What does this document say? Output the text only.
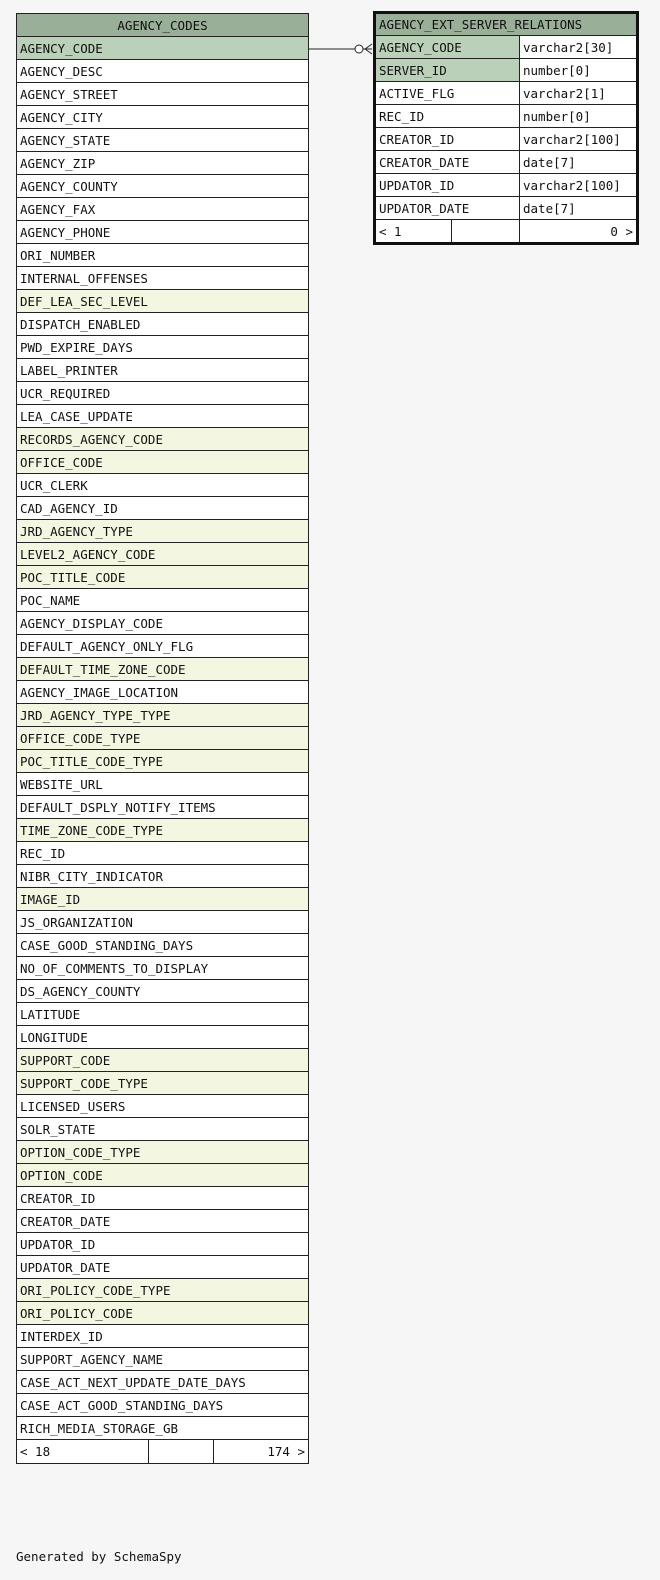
AGENCY_CODES
AGENCY_CODE
AGENCY_DESC
AGENCY_STREET
AGENCY_CITY
AGENCY_STATE
AGENCY_ZIP
AGENCY_COUNTY
AGENCY_FAX
AGENCY_PHONE
ORI_NUMBER
INTERNAL_OFFENSES
DEF_LEA_SEC_LEVEL
DISPATCH_ENABLED
PWD_EXPIRE_DAYS
LABEL_PRINTER
UCR_REQUIRED
LEA_CASE_UPDATE
RECORDS_AGENCY_CODE
OFFICE_CODE
UCR_CLERK
CAD_AGENCY_ID
JRD_AGENCY_TYPE
LEVEL2_AGENCY_CODE
POC_TITLE_CODE
POC_NAME
AGENCY_DISPLAY_CODE
DEFAULT_AGENCY_ONLY_FLG
DEFAULT_TIME_ZONE_CODE
AGENCY_IMAGE_LOCATION
JRD_AGENCY_TYPE_TYPE
OFFICE_CODE_TYPE
POC_TITLE_CODE_TYPE
WEBSITE_URL
DEFAULT_DSPLY_NOTIFY_ITEMS
TIME_ZONE_CODE_TYPE
REC_ID
NIBR_CITY_INDICATOR
IMAGE_ID
JS_ORGANIZATION
CASE_GOOD_STANDING_DAYS
NO_OF_COMMENTS_TO_DISPLAY
DS_AGENCY_COUNTY
LATITUDE
LONGITUDE
SUPPORT_CODE
SUPPORT_CODE_TYPE
LICENSED_USERS
SOLR_STATE
OPTION_CODE_TYPE
OPTION_CODE
CREATOR_ID
CREATOR_DATE
UPDATOR_ID
UPDATOR_DATE
ORI_POLICY_CODE_TYPE
ORI_POLICY_CODE
INTERDEX_ID
SUPPORT_AGENCY_NAME
CASE_ACT_NEXT_UPDATE_DATE_DAYS
CASE_ACT_GOOD_STANDING_DAYS
RICH_MEDIA_STORAGE_GB
< 18		174 >
AGENCY_EXT_SERVER_RELATIONS		
AGENCY_CODE		varchar2[30]
SERVER_ID		number[0]
ACTIVE_FLG		varchar2[1]
REC_ID		number[0]
CREATOR_ID		varchar2[100]
CREATOR_DATE		date[7]
UPDATOR_ID		varchar2[100]
UPDATOR_DATE		date[7]
< 1		0 >
Generated by SchemaSpy
